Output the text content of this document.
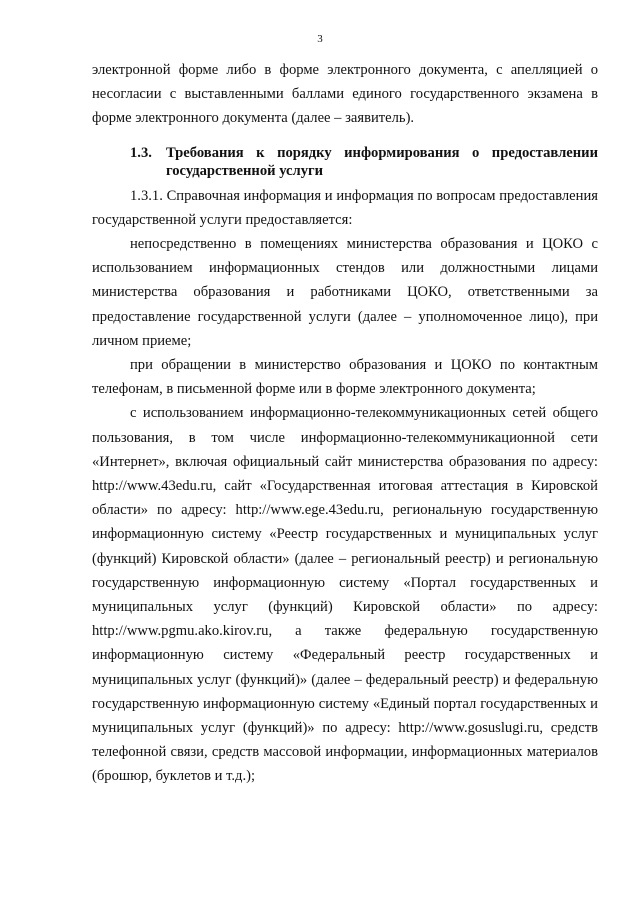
3

электронной форме либо в форме электронного документа, с апелляцией о несогласии с выставленными баллами единого государственного экзамена в форме электронного документа (далее – заявитель).

1.3. Требования к порядку информирования о предоставлении государственной услуги

1.3.1. Справочная информация и информация по вопросам предоставления государственной услуги предоставляется:

непосредственно в помещениях министерства образования и ЦОКО с использованием информационных стендов или должностными лицами министерства образования и работниками ЦОКО, ответственными за предоставление государственной услуги (далее – уполномоченное лицо), при личном приеме;

при обращении в министерство образования и ЦОКО по контактным телефонам, в письменной форме или в форме электронного документа;

с использованием информационно-телекоммуникационных сетей общего пользования, в том числе информационно-телекоммуникационной сети «Интернет», включая официальный сайт министерства образования по адресу: http://www.43edu.ru, сайт «Государственная итоговая аттестация в Кировской области» по адресу: http://www.ege.43edu.ru, региональную государственную информационную систему «Реестр государственных и муниципальных услуг (функций) Кировской области» (далее – региональный реестр) и региональную государственную информационную систему «Портал государственных и муниципальных услуг (функций) Кировской области» по адресу: http://www.pgmu.ako.kirov.ru, а также федеральную государственную информационную систему «Федеральный реестр государственных и муниципальных услуг (функций)» (далее – федеральный реестр) и федеральную государственную информационную систему «Единый портал государственных и муниципальных услуг (функций)» по адресу: http://www.gosuslugi.ru, средств телефонной связи, средств массовой информации, информационных материалов (брошюр, буклетов и т.д.);
